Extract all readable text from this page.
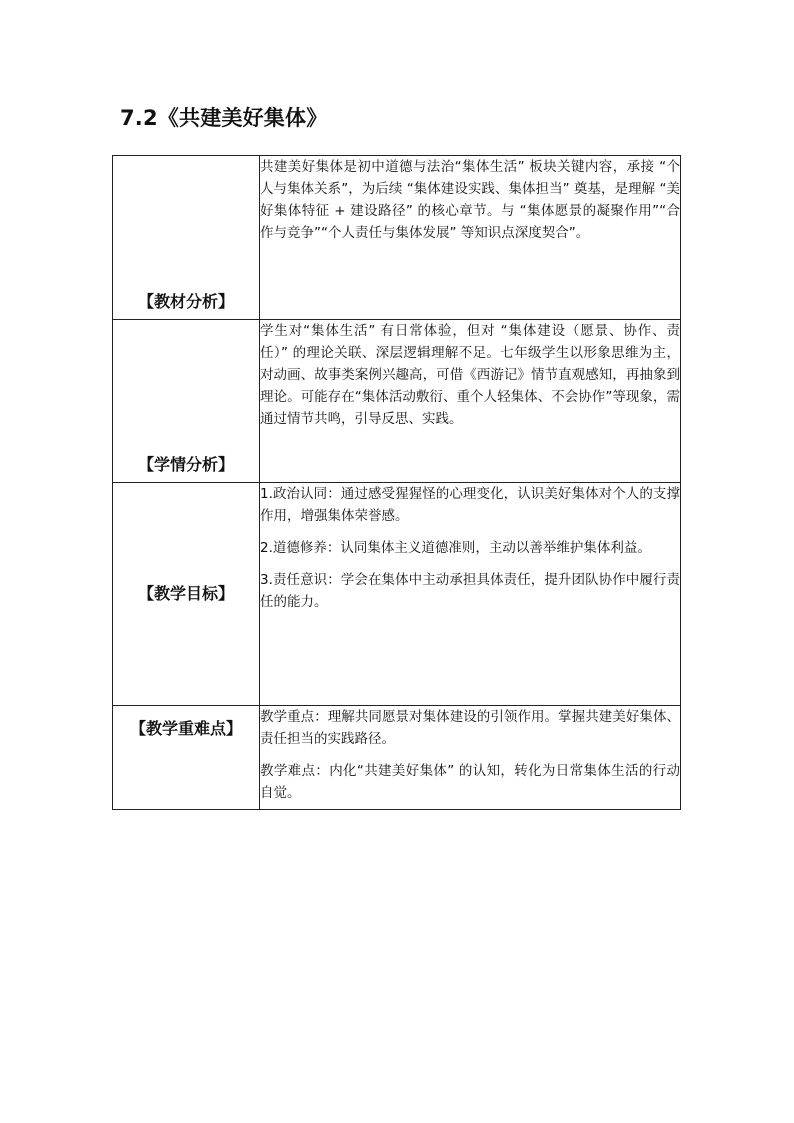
7.2《共建美好集体》
【教材分析】	共建美好集体是初中道德与法治“集体生活” 板块关键内容，承接 “个人与集体关系”，为后续 “集体建设实践、集体担当” 奠基，是理解 “美好集体特征 + 建设路径” 的核心章节。与 “集体愿景的凝聚作用”“合作与竞争”“个人责任与集体发展” 等知识点深度契合”。

【学情分析】	学生对“集体生活” 有日常体验，但对 “集体建设（愿景、协作、责任）” 的理论关联、深层逻辑理解不足。七年级学生以形象思维为主，对动画、故事类案例兴趣高，可借《西游记》情节直观感知，再抽象到理论。可能存在“集体活动敷衍、重个人轻集体、不会协作”等现象，需通过情节共鸣，引导反思、实践。

【教学目标】	1.政治认同：通过感受猩猩怪的心理变化，认识美好集体对个人的支撑作用，增强集体荣誉感。

2.道德修养：认同集体主义道德准则，主动以善举维护集体利益。

3.责任意识：学会在集体中主动承担具体责任，提升团队协作中履行责任的能力。

【教学重难点】	教学重点：理解共同愿景对集体建设的引领作用。掌握共建美好集体、责任担当的实践路径。

教学难点：内化“共建美好集体” 的认知，转化为日常集体生活的行动自觉。
